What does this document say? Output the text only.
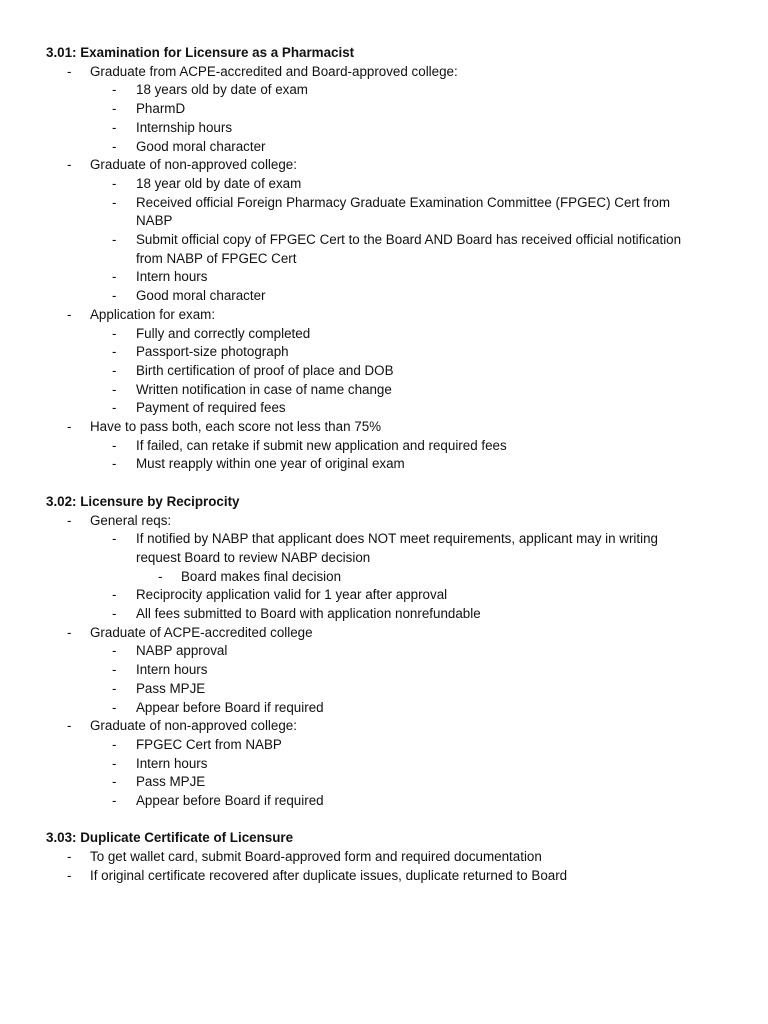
3.01: Examination for Licensure as a Pharmacist
-	Graduate from ACPE-accredited and Board-approved college:
-	18 years old by date of exam
-	PharmD
-	Internship hours
-	Good moral character
-	Graduate of non-approved college:
-	18 year old by date of exam
-	Received official Foreign Pharmacy Graduate Examination Committee (FPGEC) Cert from NABP
-	Submit official copy of FPGEC Cert to the Board AND Board has received official notification from NABP of FPGEC Cert
-	Intern hours
-	Good moral character
-	Application for exam:
-	Fully and correctly completed
-	Passport-size photograph
-	Birth certification of proof of place and DOB
-	Written notification in case of name change
-	Payment of required fees
-	Have to pass both, each score not less than 75%
-	If failed, can retake if submit new application and required fees
-	Must reapply within one year of original exam
3.02: Licensure by Reciprocity
-	General reqs:
-	If notified by NABP that applicant does NOT meet requirements, applicant may in writing request Board to review NABP decision
-	Board makes final decision
-	Reciprocity application valid for 1 year after approval
-	All fees submitted to Board with application nonrefundable
-	Graduate of ACPE-accredited college
-	NABP approval
-	Intern hours
-	Pass MPJE
-	Appear before Board if required
-	Graduate of non-approved college:
-	FPGEC Cert from NABP
-	Intern hours
-	Pass MPJE
-	Appear before Board if required
3.03: Duplicate Certificate of Licensure
-	To get wallet card, submit Board-approved form and required documentation
-	If original certificate recovered after duplicate issues, duplicate returned to Board
